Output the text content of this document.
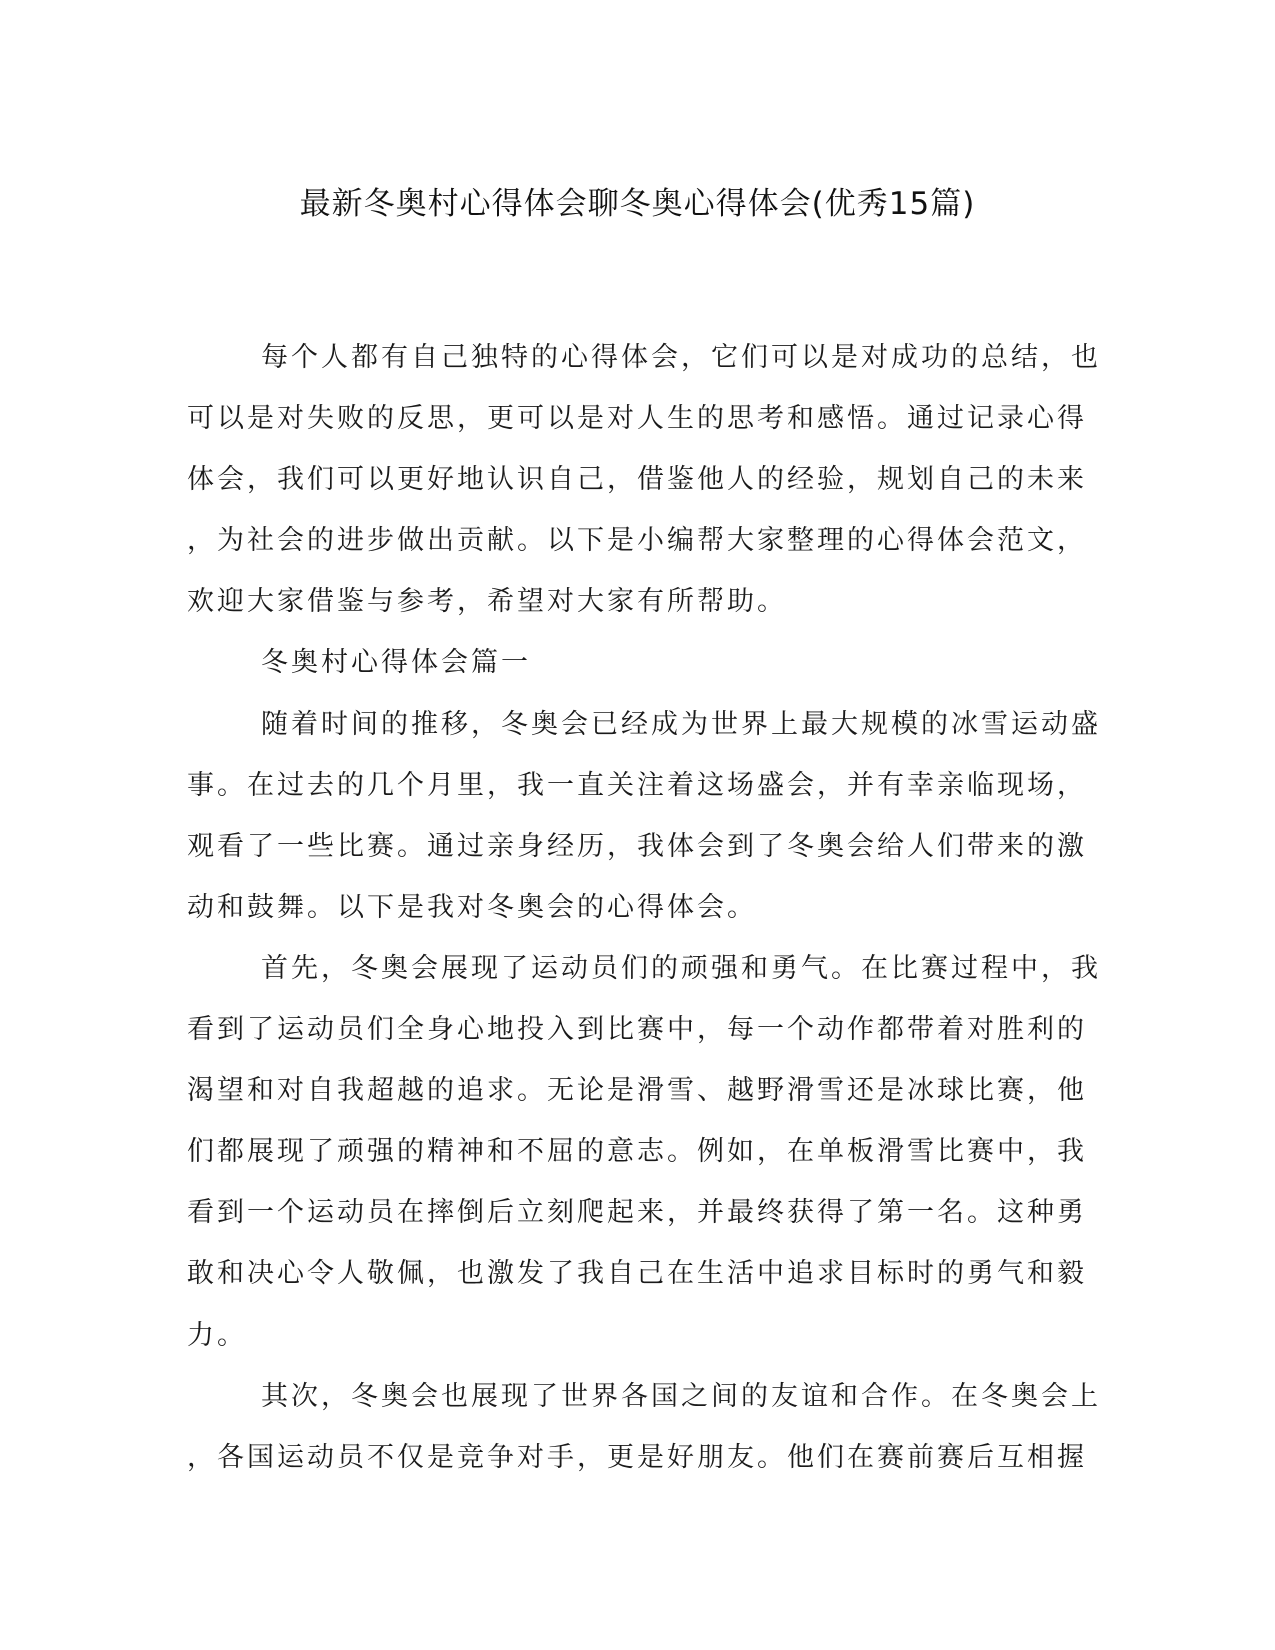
最新冬奥村心得体会聊冬奥心得体会(优秀15篇)
每个人都有自己独特的心得体会，它们可以是对成功的总结，也
可以是对失败的反思，更可以是对人生的思考和感悟。通过记录心得
体会，我们可以更好地认识自己，借鉴他人的经验，规划自己的未来
，为社会的进步做出贡献。以下是小编帮大家整理的心得体会范文，
欢迎大家借鉴与参考，希望对大家有所帮助。
冬奥村心得体会篇一
随着时间的推移，冬奥会已经成为世界上最大规模的冰雪运动盛
事。在过去的几个月里，我一直关注着这场盛会，并有幸亲临现场，
观看了一些比赛。通过亲身经历，我体会到了冬奥会给人们带来的激
动和鼓舞。以下是我对冬奥会的心得体会。
首先，冬奥会展现了运动员们的顽强和勇气。在比赛过程中，我
看到了运动员们全身心地投入到比赛中，每一个动作都带着对胜利的
渴望和对自我超越的追求。无论是滑雪、越野滑雪还是冰球比赛，他
们都展现了顽强的精神和不屈的意志。例如，在单板滑雪比赛中，我
看到一个运动员在摔倒后立刻爬起来，并最终获得了第一名。这种勇
敢和决心令人敬佩，也激发了我自己在生活中追求目标时的勇气和毅
力。
其次，冬奥会也展现了世界各国之间的友谊和合作。在冬奥会上
，各国运动员不仅是竞争对手，更是好朋友。他们在赛前赛后互相握
